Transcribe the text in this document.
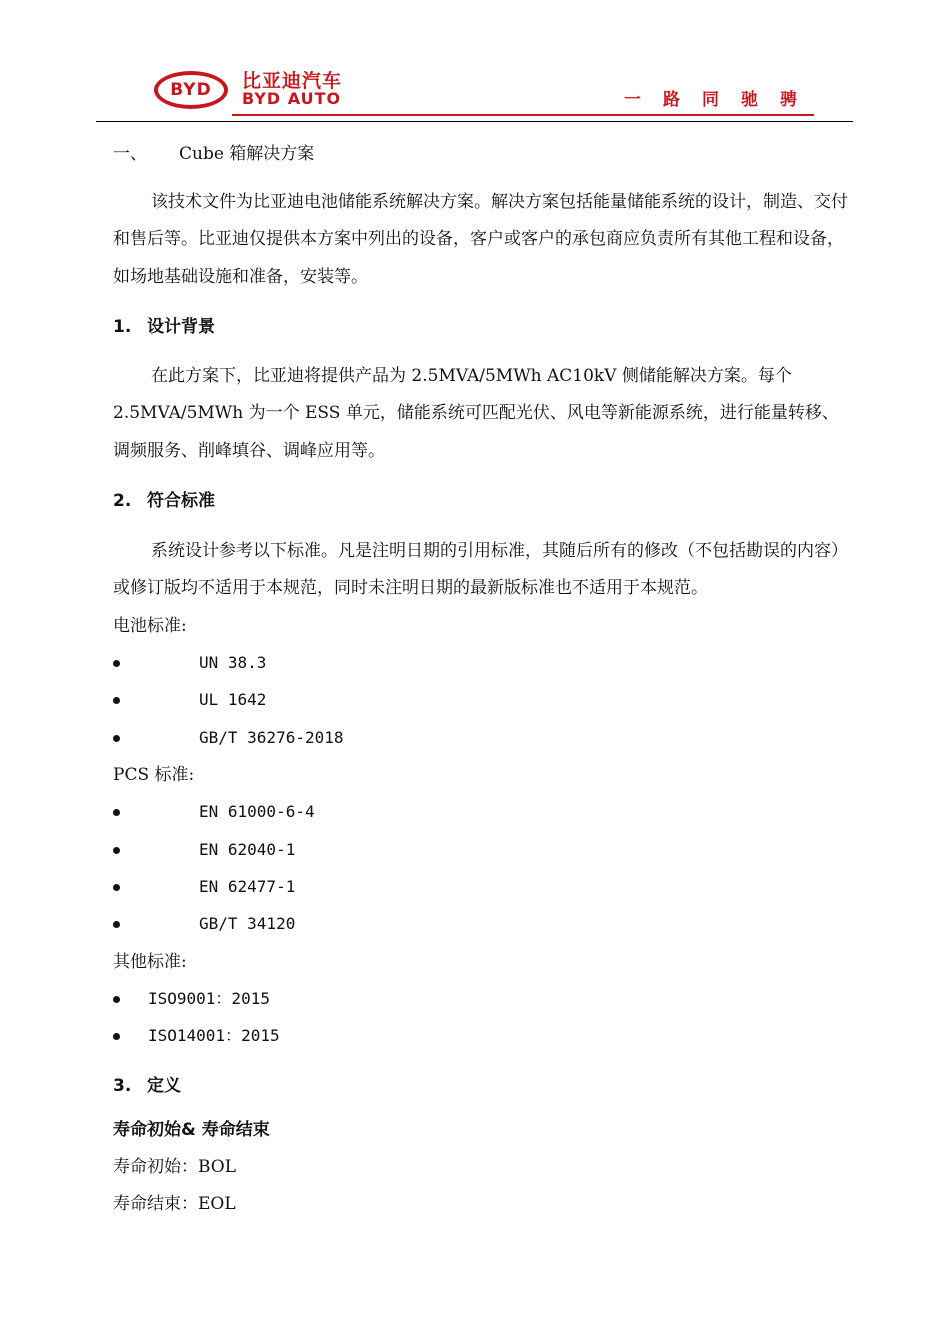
BYD 比亚迪汽车
BYD AUTO	一路同驰骋
一、 Cube 箱解决方案
该技术文件为比亚迪电池储能系统解决方案。解决方案包括能量储能系统的设计，制造、交付和售后等。比亚迪仅提供本方案中列出的设备，客户或客户的承包商应负责所有其他工程和设备，如场地基础设施和准备，安装等。
1. 设计背景
在此方案下，比亚迪将提供产品为 2.5MVA/5MWh AC10kV 侧储能解决方案。每个 2.5MVA/5MWh 为一个 ESS 单元，储能系统可匹配光伏、风电等新能源系统，进行能量转移、调频服务、削峰填谷、调峰应用等。
2. 符合标准
系统设计参考以下标准。凡是注明日期的引用标准，其随后所有的修改（不包括勘误的内容）或修订版均不适用于本规范，同时未注明日期的最新版标准也不适用于本规范。
电池标准:
UN 38.3
UL 1642
GB/T 36276-2018
PCS 标准:
EN 61000-6-4
EN 62040-1
EN 62477-1
GB/T 34120
其他标准:
ISO9001：2015
ISO14001：2015
3. 定义
寿命初始& 寿命结束
寿命初始：BOL
寿命结束：EOL
